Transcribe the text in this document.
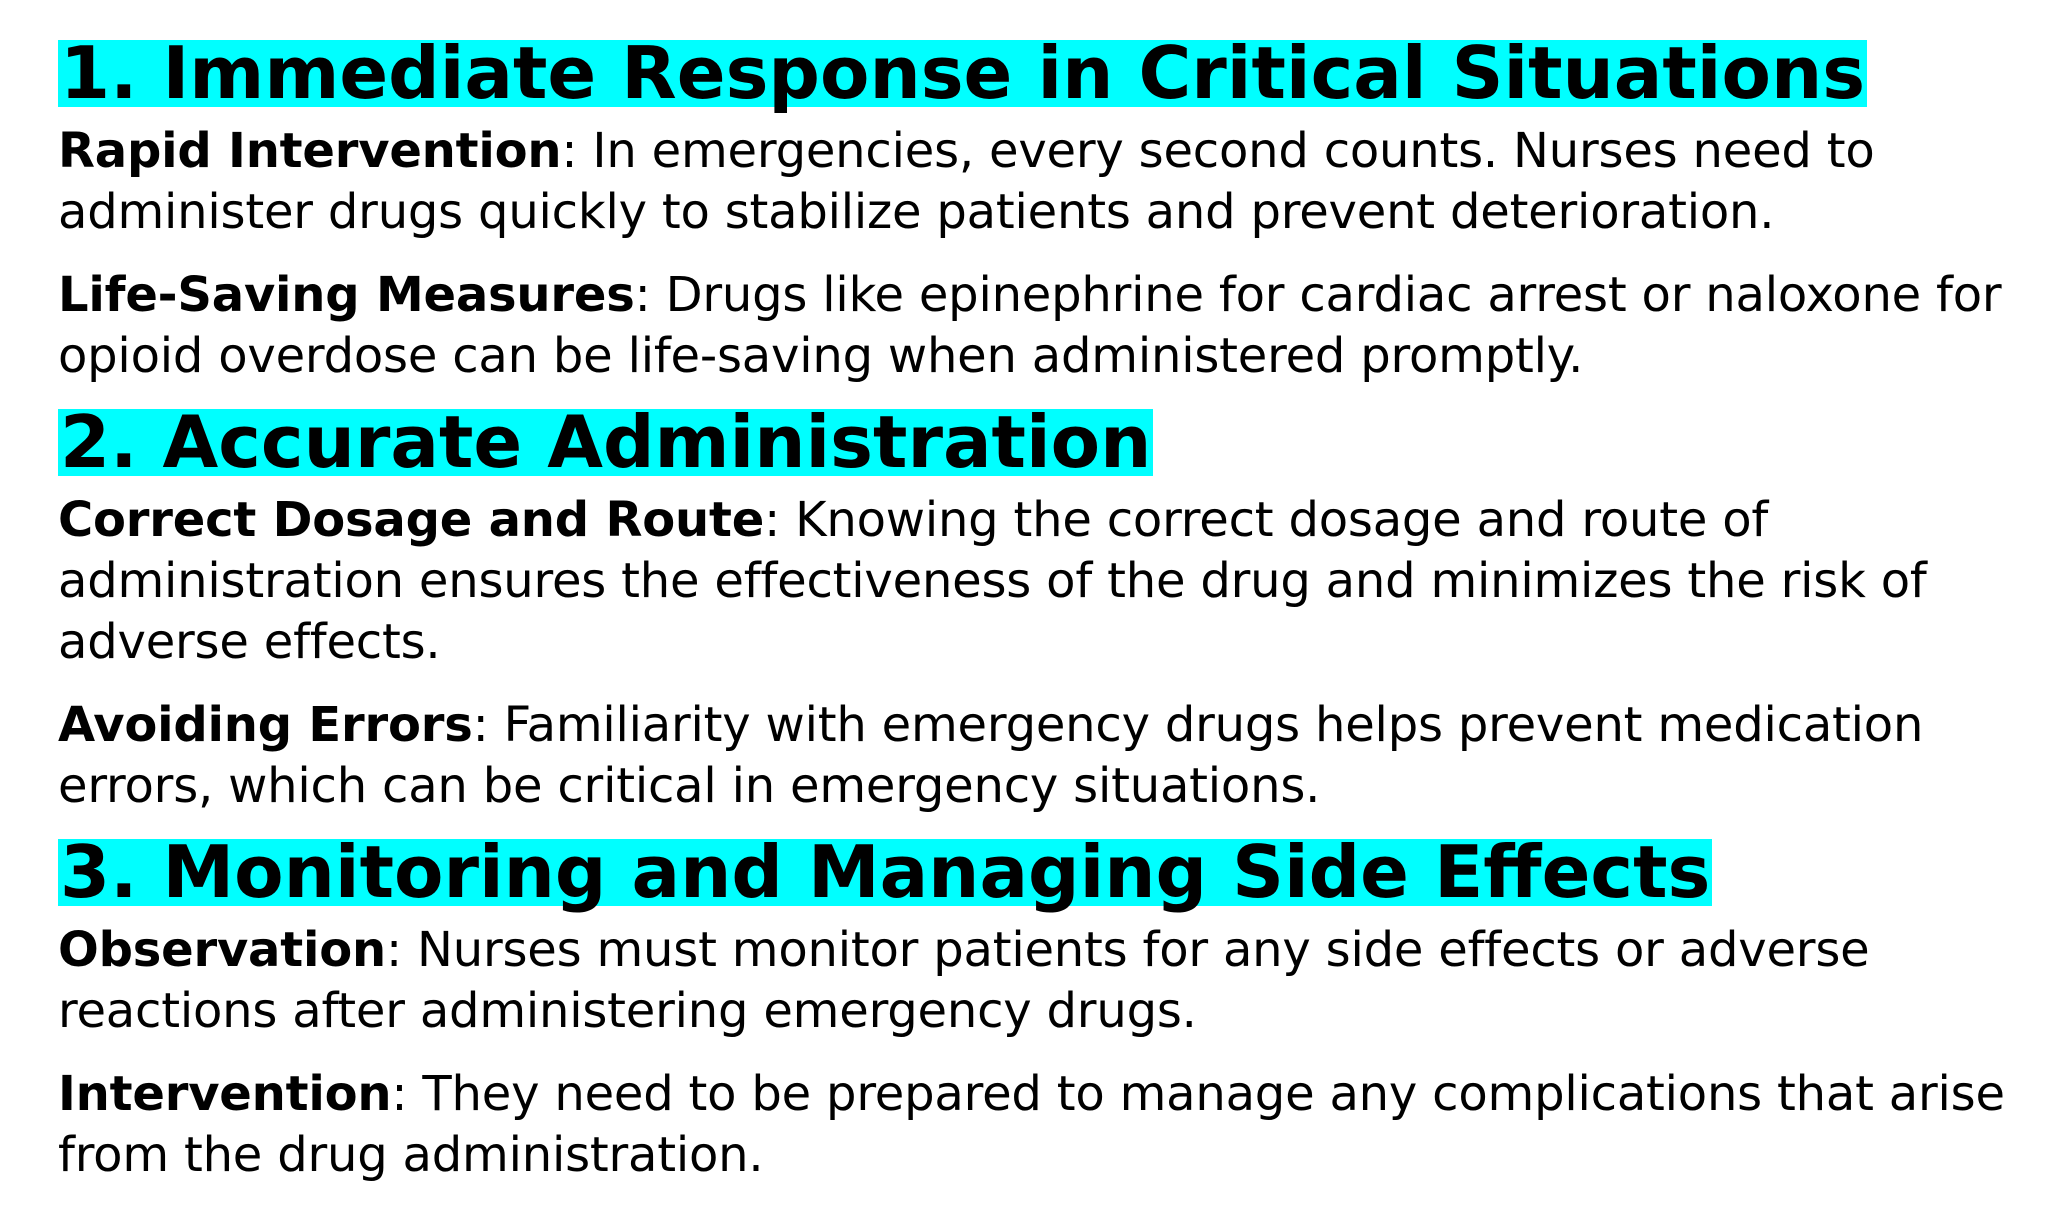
1. Immediate Response in Critical Situations

Rapid Intervention: In emergencies, every second counts. Nurses need to administer drugs quickly to stabilize patients and prevent deterioration.

Life-Saving Measures: Drugs like epinephrine for cardiac arrest or naloxone for opioid overdose can be life-saving when administered promptly.

2. Accurate Administration

Correct Dosage and Route: Knowing the correct dosage and route of administration ensures the effectiveness of the drug and minimizes the risk of adverse effects.

Avoiding Errors: Familiarity with emergency drugs helps prevent medication errors, which can be critical in emergency situations.

3. Monitoring and Managing Side Effects

Observation: Nurses must monitor patients for any side effects or adverse reactions after administering emergency drugs.

Intervention: They need to be prepared to manage any complications that arise from the drug administration.
